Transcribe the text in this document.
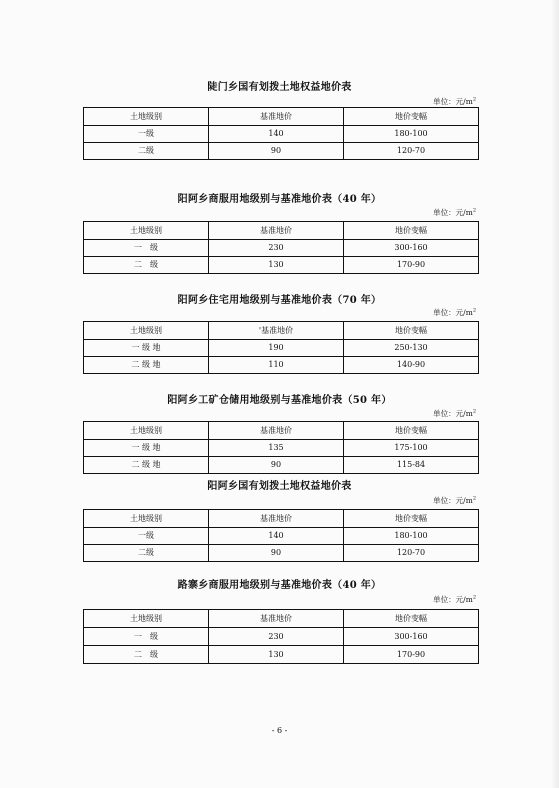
陡门乡国有划拨土地权益地价表
单位：元$/m^2$
土地级别	基准地价	地价变幅
一级	140	180-100
二级	90	120-70
阳阿乡商服用地级别与基准地价表（40 年）
单位：元$/m^2$
土地级别	基准地价	地价变幅
一　级	230	300-160
二　级	130	170-90
阳阿乡住宅用地级别与基准地价表（70 年）
单位：元$/m^2$
土地级别	'基准地价	地价变幅
一 级 地	190	250-130
二 级 地	110	140-90
阳阿乡工矿仓储用地级别与基准地价表（50 年）
单位：元$/m^2$
土地级别	基准地价	地价变幅
一 级 地	135	175-100
二 级 地	90	115-84
阳阿乡国有划拨土地权益地价表
单位：元$/m^2$
土地级别	基准地价	地价变幅
一级	140	180-100
二级	90	120-70
路寨乡商服用地级别与基准地价表（40 年）
单位：元$/m^2$
土地级别	基准地价	地价变幅
一　级	230	300-160
二　级	130	170-90
- 6 -
